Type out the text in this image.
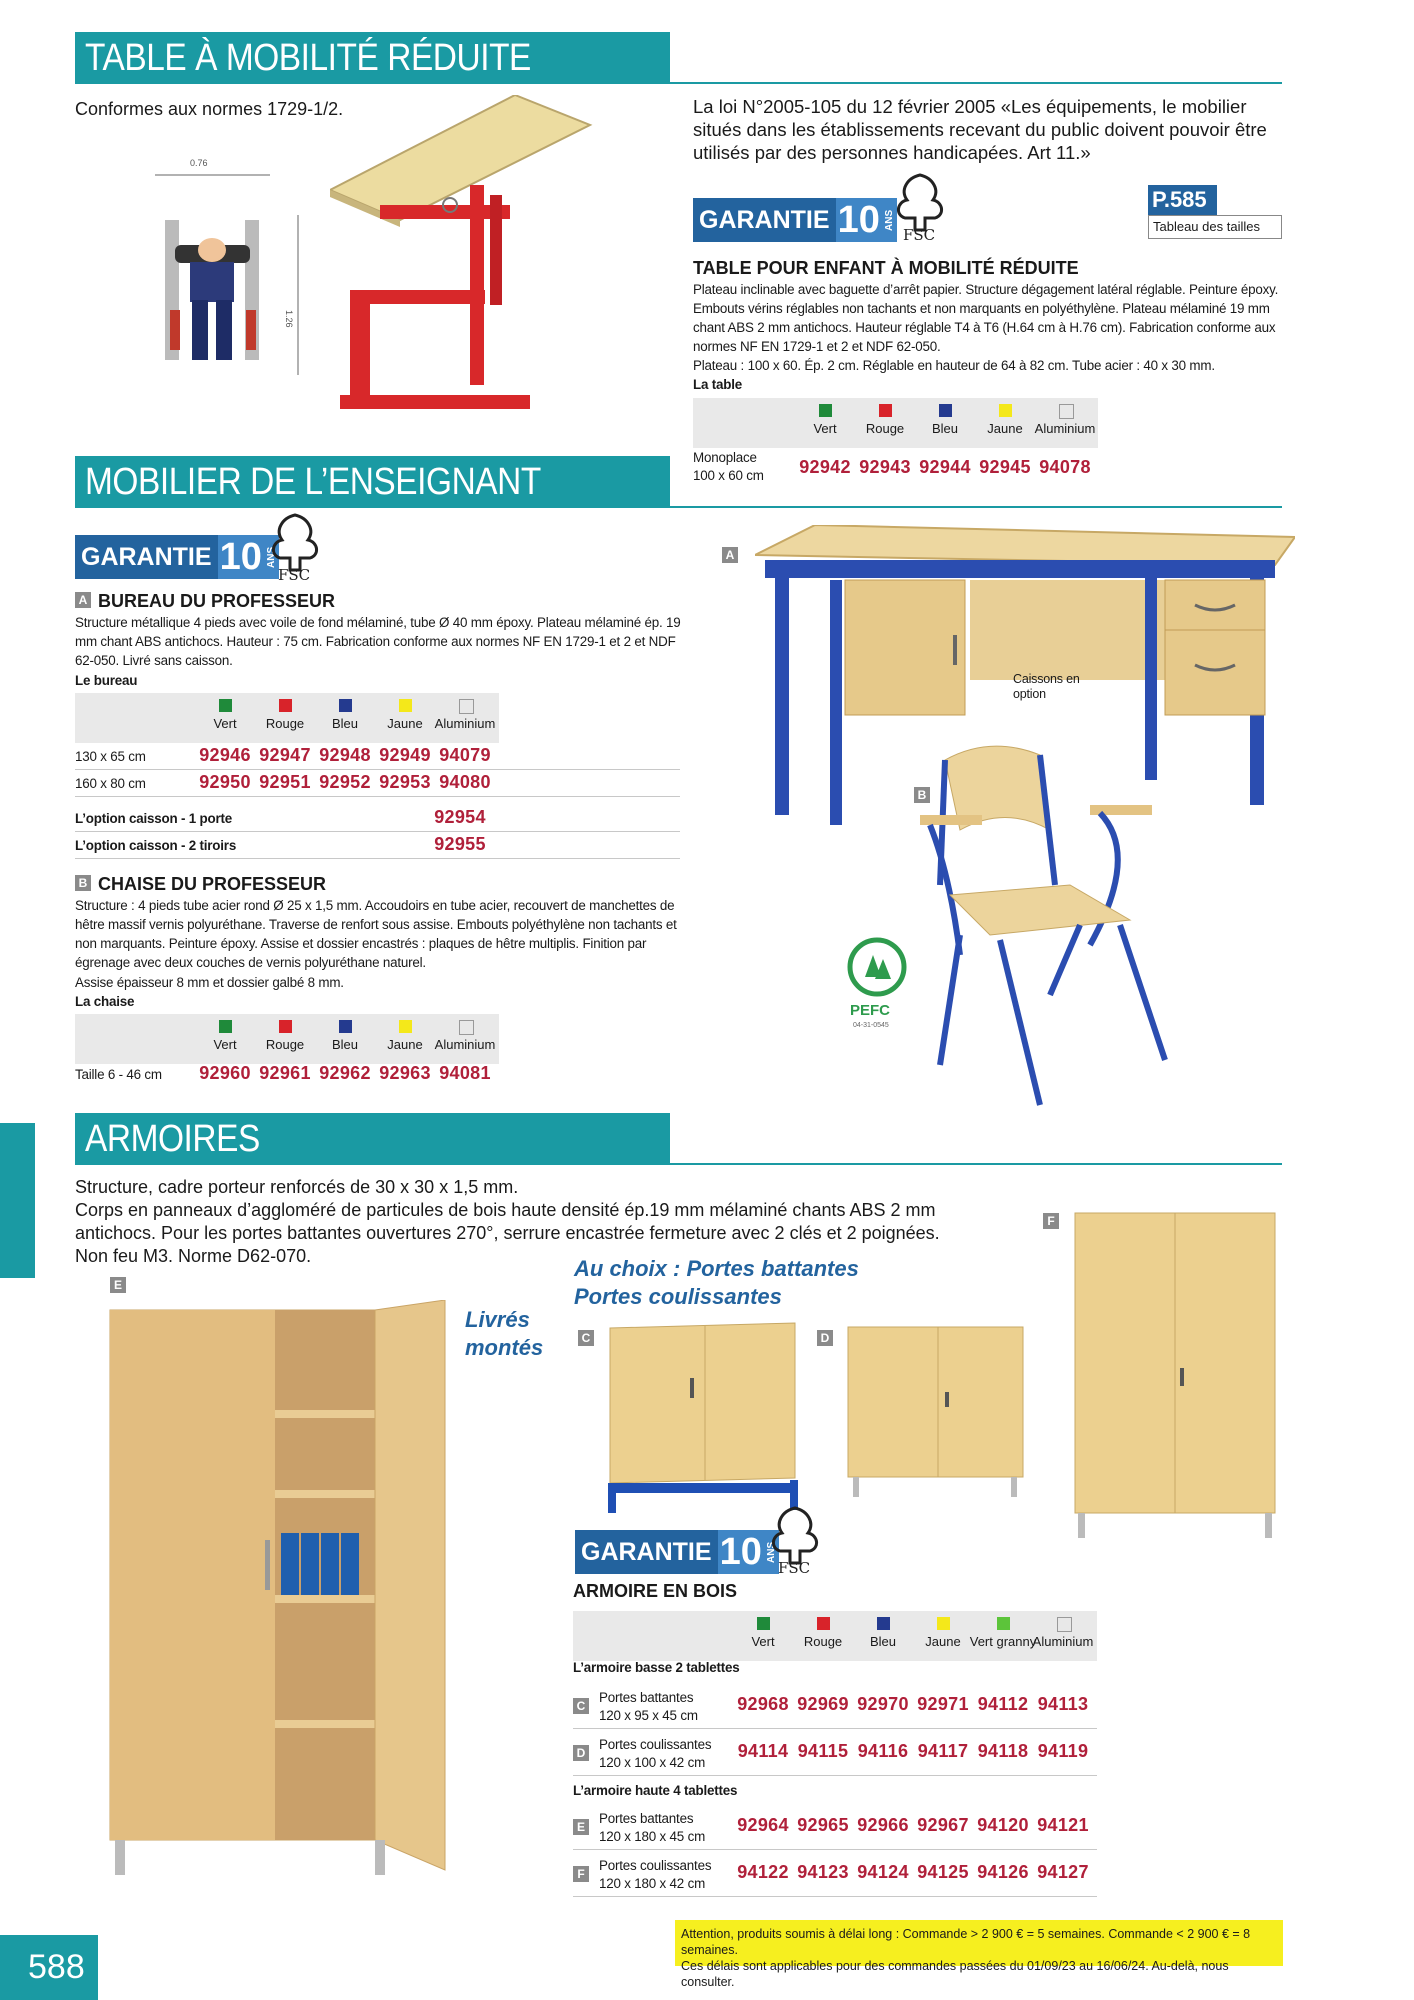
TABLE À MOBILITÉ RÉDUITE
Conformes aux normes 1729-1/2.	La loi N°2005-105 du 12 février 2005 «Les équipements, le mobilier situés dans les établissements recevant du public doivent pouvoir être utilisés par des personnes handicapées. Art 11.»
0.76
1.26
GARANTIE 10 ANS
FSC
P.585
Tableau des tailles
TABLE POUR ENFANT À MOBILITÉ RÉDUITE
Plateau inclinable avec baguette d’arrêt papier. Structure dégagement latéral réglable. Peinture époxy. Embouts vérins réglables non tachants et non marquants en polyéthylène. Plateau mélaminé 19 mm chant ABS 2 mm antichocs. Hauteur réglable T4 à T6 (H.64 cm à H.76 cm). Fabrication conforme aux normes NF EN 1729-1 et 2 et NDF 62-050.
Plateau : 100 x 60. Ép. 2 cm. Réglable en hauteur de 64 à 82 cm. Tube acier : 40 x 30 mm.
La table
Vert	Rouge	Bleu	Jaune Aluminium
Monoplace
100 x 60 cm 92942 92943 92944 92945 94078
MOBILIER DE L’ENSEIGNANT
GARANTIE 10 ANS
FSC
A BUREAU DU PROFESSEUR
Structure métallique 4 pieds avec voile de fond mélaminé, tube Ø 40 mm époxy. Plateau mélaminé ép. 19 mm chant ABS antichocs. Hauteur : 75 cm. Fabrication conforme aux normes NF EN 1729-1 et 2 et NDF 62-050. Livré sans caisson.
Le bureau
Vert	Rouge	Bleu	Jaune Aluminium
130 x 65 cm	92946 92947 92948 92949 94079
160 x 80 cm	92950 92951 92952 92953 94080
L’option caisson - 1 porte	92954
L’option caisson - 2 tiroirs	92955
B CHAISE DU PROFESSEUR
Structure : 4 pieds tube acier rond Ø 25 x 1,5 mm. Accoudoirs en tube acier, recouvert de manchettes de hêtre massif vernis polyuréthane. Traverse de renfort sous assise. Embouts polyéthylène non tachants et non marquants. Peinture époxy. Assise et dossier encastrés : plaques de hêtre multiplis. Finition par égrenage avec deux couches de vernis polyuréthane naturel.
Assise épaisseur 8 mm et dossier galbé 8 mm.
La chaise
Vert	Rouge	Bleu	Jaune Aluminium
Taille 6 - 46 cm 92960 92961 92962 92963 94081
A
Caissons en option
B
PEFC
04-31-0545
ARMOIRES
Structure, cadre porteur renforcés de 30 x 30 x 1,5 mm.
Corps en panneaux d’aggloméré de particules de bois haute densité ép.19 mm mélaminé chants ABS 2 mm antichocs. Pour les portes battantes ouvertures 270°, serrure encastrée fermeture avec 2 clés et 2 poignées.
Non feu M3. Norme D62-070.	Au choix : Portes battantes
Portes coulissantes
Livrés
montés
E
C	D
F
GARANTIE 10 ANS
FSC
ARMOIRE EN BOIS
Vert	Rouge	Bleu	Jaune Vert granny
Aluminium
L’armoire basse 2 tablettes
L’armoire haute 4 tablettes
C
Portes battantes
120 x 95 x 45 cm
92968 92969 92970 92971 94112 94113
D
Portes coulissantes
120 x 100 x 42 cm
94114 94115 94116 94117 94118 94119
E
Portes battantes
120 x 180 x 45 cm
92964 92965 92966 92967 94120 94121
F
Portes coulissantes
120 x 180 x 42 cm
94122 94123 94124 94125 94126 94127
Attention, produits soumis à délai long : Commande > 2 900 € = 5 semaines. Commande < 2 900 € = 8 semaines.
Ces délais sont applicables pour des commandes passées du 01/09/23 au 16/06/24. Au-delà, nous consulter.
588
